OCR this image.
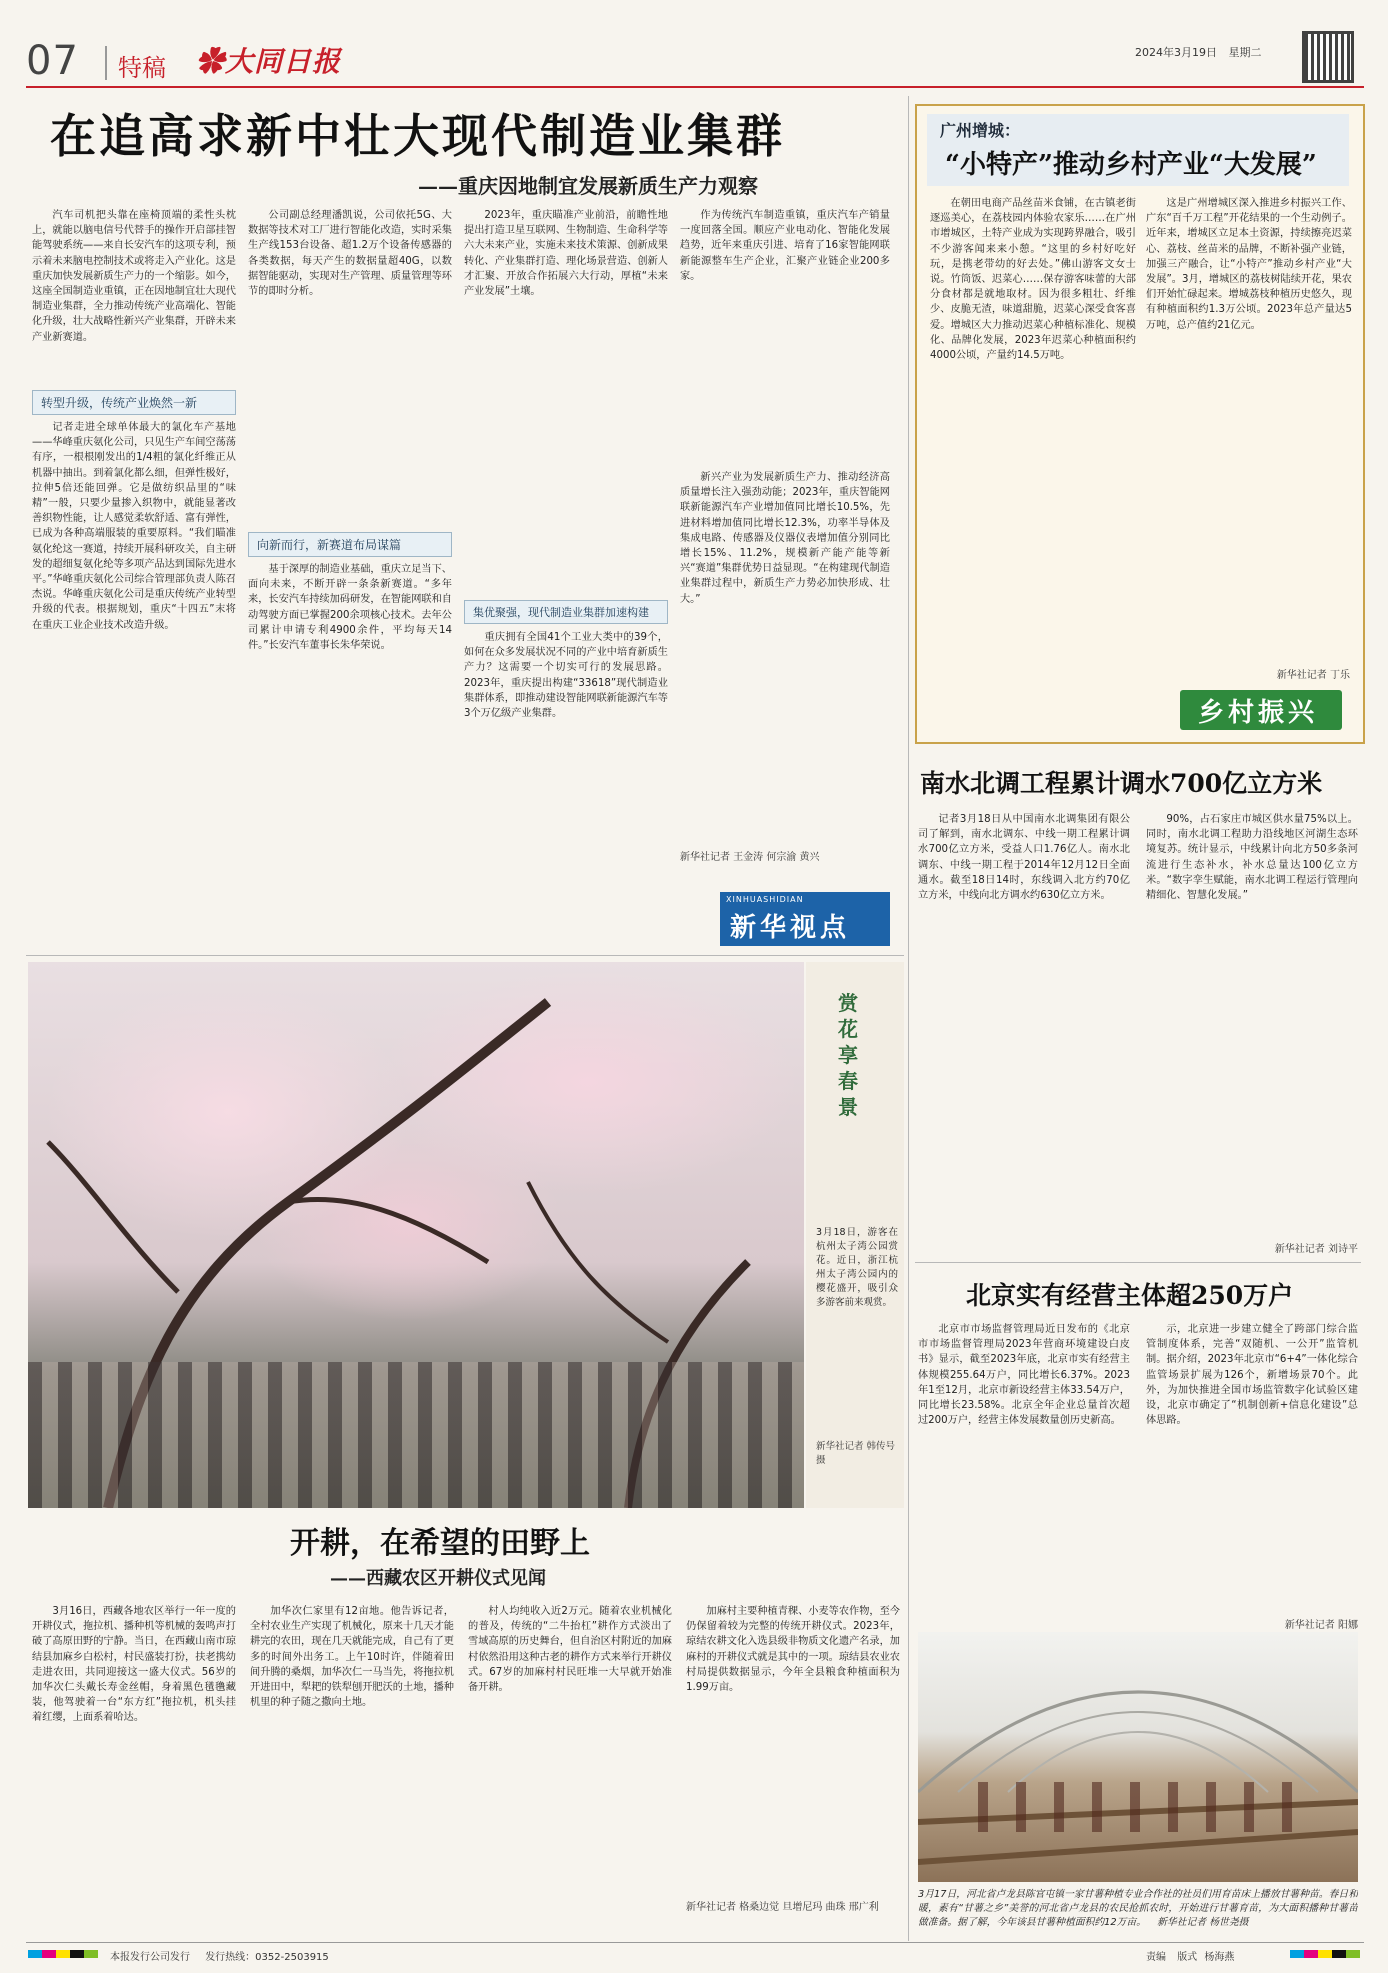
07 特稿 ✿大同日报	2024年3月19日 星期二
在追高求新中壮大现代制造业集群
——重庆因地制宜发展新质生产力观察

汽车司机把头靠在座椅顶端的柔性头枕上，就能以脑电信号代替手的操作开启部挂智能驾驶系统——来自长安汽车的这项专利，预示着未来脑电控制技术或将走入产业化。这是重庆加快发展新质生产力的一个缩影。如今，这座全国制造业重镇，正在因地制宜壮大现代制造业集群，全力推动传统产业高端化、智能化升级，壮大战略性新兴产业集群，开辟未来产业新赛道。

转型升级，传统产业焕然一新

记者走进全球单体最大的氯化车产基地——华峰重庆氨化公司，只见生产车间空荡荡有序，一根根刚发出的1/4粗的氯化纤维正从机器中抽出。到着氯化都么细，但弹性极好，拉伸5倍还能回弹。它是做纺织品里的“味精”一般，只要少量掺入织物中，就能显著改善织物性能，让人感觉柔软舒适、富有弹性，已成为各种高端服装的重要原料。“我们瞄准氨化纶这一赛道，持续开展科研攻关，自主研发的超细复氨化纶等多项产品达到国际先进水平。”华峰重庆氨化公司综合管理部负责人陈召杰说。华峰重庆氨化公司是重庆传统产业转型升级的代表。根据规划，重庆“十四五”末将在重庆工业企业技术改造升级。

公司副总经理潘凯说，公司依托5G、大数据等技术对工厂进行智能化改造，实时采集生产线153台设备、超1.2万个设备传感器的各类数据，每天产生的数据量超40G，以数据智能驱动，实现对生产管理、质量管理等环节的即时分析。

向新而行，新赛道布局谋篇

基于深厚的制造业基础，重庆立足当下、面向未来，不断开辟一条条新赛道。“多年来，长安汽车持续加码研发，在智能网联和自动驾驶方面已掌握200余项核心技术。去年公司累计申请专利4900余件，平均每天14件。”长安汽车董事长朱华荣说。

2023年，重庆瞄准产业前沿，前瞻性地提出打造卫星互联网、生物制造、生命科学等六大未来产业，实施未来技术策源、创新成果转化、产业集群打造、理化场景营造、创新人才汇聚、开放合作拓展六大行动，厚植“未来产业发展”土壤。

集优聚强，现代制造业集群加速构建

重庆拥有全国41个工业大类中的39个，如何在众多发展状况不同的产业中培育新质生产力？这需要一个切实可行的发展思路。2023年，重庆提出构建“33618”现代制造业集群体系，即推动建设智能网联新能源汽车等3个万亿级产业集群。

作为传统汽车制造重镇，重庆汽车产销量一度回落全国。顺应产业电动化、智能化发展趋势，近年来重庆引进、培育了16家智能网联新能源整车生产企业，汇聚产业链企业200多家。

新兴产业为发展新质生产力、推动经济高质量增长注入强劲动能；2023年，重庆智能网联新能源汽车产业增加值同比增长10.5%，先进材料增加值同比增长12.3%，功率半导体及集成电路、传感器及仪器仪表增加值分别同比增长15%、11.2%，规模新产能产能等新兴“赛道”集群优势日益显现。“在构建现代制造业集群过程中，新质生产力势必加快形成、壮大。”

新华社记者 王金涛 何宗渝 黄兴
XINHUASHIDIAN
新华视点
广州增城：
“小特产”推动乡村产业“大发展”

在朝田电商产品丝苗米食铺，在古镇老街逐巡美心，在荔枝园内体验农家乐……在广州市增城区，土特产业成为实现跨界融合，吸引不少游客闻来来小憩。“这里的乡村好吃好玩，是携老带幼的好去处。”佛山游客文女士说。竹筒饭、迟菜心……保存游客味蕾的大部分食材都是就地取材。因为很多粗壮、纤维少、皮脆无渣，味道甜脆，迟菜心深受食客喜爱。增城区大力推动迟菜心种植标准化、规模化、品牌化发展，2023年迟菜心种植面积约4000公顷，产量约14.5万吨。

这是广州增城区深入推进乡村振兴工作、广东“百千万工程”开花结果的一个生动例子。近年来，增城区立足本土资源，持续擦亮迟菜心、荔枝、丝苗米的品牌，不断补强产业链，加强三产融合，让“小特产”推动乡村产业“大发展”。3月，增城区的荔枝树陆续开花，果农们开始忙碌起来。增城荔枝种植历史悠久，现有种植面积约1.3万公顷。2023年总产量达5万吨，总产值约21亿元。

新华社记者 丁乐
乡村振兴
南水北调工程累计调水700亿立方米

记者3月18日从中国南水北调集团有限公司了解到，南水北调东、中线一期工程累计调水700亿立方米，受益人口1.76亿人。南水北调东、中线一期工程于2014年12月12日全面通水。截至18日14时，东线调入北方约70亿立方米，中线向北方调水约630亿立方米。

90%，占石家庄市城区供水量75%以上。同时，南水北调工程助力沿线地区河湖生态环境复苏。统计显示，中线累计向北方50多条河流进行生态补水，补水总量达100亿立方米。“数字孪生赋能，南水北调工程运行管理向精细化、智慧化发展。”

新华社记者 刘诗平
北京实有经营主体超250万户

北京市市场监督管理局近日发布的《北京市市场监督管理局2023年营商环境建设白皮书》显示，截至2023年底，北京市实有经营主体规模255.64万户，同比增长6.37%。2023年1至12月，北京市新设经营主体33.54万户，同比增长23.58%。北京全年企业总量首次超过200万户，经营主体发展数量创历史新高。

示，北京进一步建立健全了跨部门综合监管制度体系，完善“双随机、一公开”监管机制。据介绍，2023年北京市“6+4”一体化综合监管场景扩展为126个，新增场景70个。此外，为加快推进全国市场监管数字化试验区建设，北京市确定了“机制创新+信息化建设”总体思路。

新华社记者 阳娜
赏花享春景
3月18日，游客在杭州太子湾公园赏花。近日，浙江杭州太子湾公园内的樱花盛开，吸引众多游客前来观赏。
新华社记者 韩传号摄
开耕，在希望的田野上
——西藏农区开耕仪式见闻

3月16日，西藏各地农区举行一年一度的开耕仪式，拖拉机、播种机等机械的轰鸣声打破了高原田野的宁静。当日，在西藏山南市琼结县加麻乡白松村，村民盛装打扮，扶老携幼走进农田，共同迎接这一盛大仪式。56岁的加华次仁头戴长寿金丝帽，身着黑色氆氇藏装，他驾驶着一台“东方红”拖拉机，机头挂着红缨，上面系着哈达。

加华次仁家里有12亩地。他告诉记者，全村农业生产实现了机械化，原来十几天才能耕完的农田，现在几天就能完成，自己有了更多的时间外出务工。上午10时许，伴随着田间升腾的桑烟，加华次仁一马当先，将拖拉机开进田中，犁耙的铁犁刨开肥沃的土地，播种机里的种子随之撒向土地。

村人均纯收入近2万元。随着农业机械化的普及，传统的“二牛抬杠”耕作方式淡出了雪域高原的历史舞台，但自治区村附近的加麻村依然沿用这种古老的耕作方式来举行开耕仪式。67岁的加麻村村民旺堆一大早就开始准备开耕。

加麻村主要种植青稞、小麦等农作物，至今仍保留着较为完整的传统开耕仪式。2023年，琼结农耕文化入选县级非物质文化遗产名录，加麻村的开耕仪式就是其中的一项。琼结县农业农村局提供数据显示，今年全县粮食种植面积为1.99万亩。

新华社记者 格桑边觉 旦增尼玛 曲珠 邢广利
3月17日，河北省卢龙县陈官屯镇一家甘薯种植专业合作社的社员们用育苗床上播放甘薯种苗。春日和暖，素有“甘薯之乡”美誉的河北省卢龙县的农民抢抓农时，开始进行甘薯育苗，为大面积播种甘薯苗做准备。据了解，今年该县甘薯种植面积约12万亩。 新华社记者 杨世尧摄
本报发行公司发行 发行热线：0352-2503915	责编 版式 杨海燕
